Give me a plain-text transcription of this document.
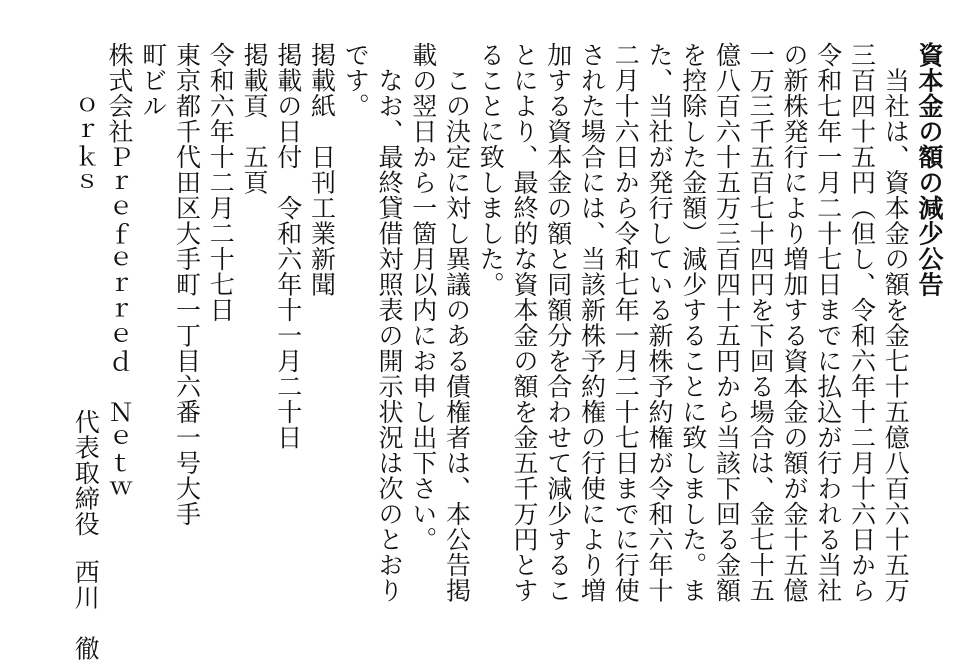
資本金の額の減少公告

　当社は、資本金の額を金七十五億八百六十五万

三百四十五円（但し、令和六年十二月十六日から

令和七年一月二十七日までに払込が行われる当社

の新株発行により増加する資本金の額が金十五億

一万三千五百七十四円を下回る場合は、金七十五

億八百六十五万三百四十五円から当該下回る金額

を控除した金額）減少することに致しました。ま

た、当社が発行している新株予約権が令和六年十

二月十六日から令和七年一月二十七日までに行使

された場合には、当該新株予約権の行使により増

加する資本金の額と同額分を合わせて減少するこ

とにより、最終的な資本金の額を金五千万円とす

ることに致しました。

　この決定に対し異議のある債権者は、本公告掲

載の翌日から一箇月以内にお申し出下さい。

　なお、最終貸借対照表の開示状況は次のとおり

です。

掲載紙　日刊工業新聞

掲載の日付　令和六年十一月二十日

掲載頁　五頁

令和六年十二月二十七日

東京都千代田区大手町一丁目六番一号大手

町ビル

株式会社Ｐｒｅｆｅｒｒｅｄ　Ｎｅｔｗ

ｏｒｋｓ
代表取締役
西川　徹
